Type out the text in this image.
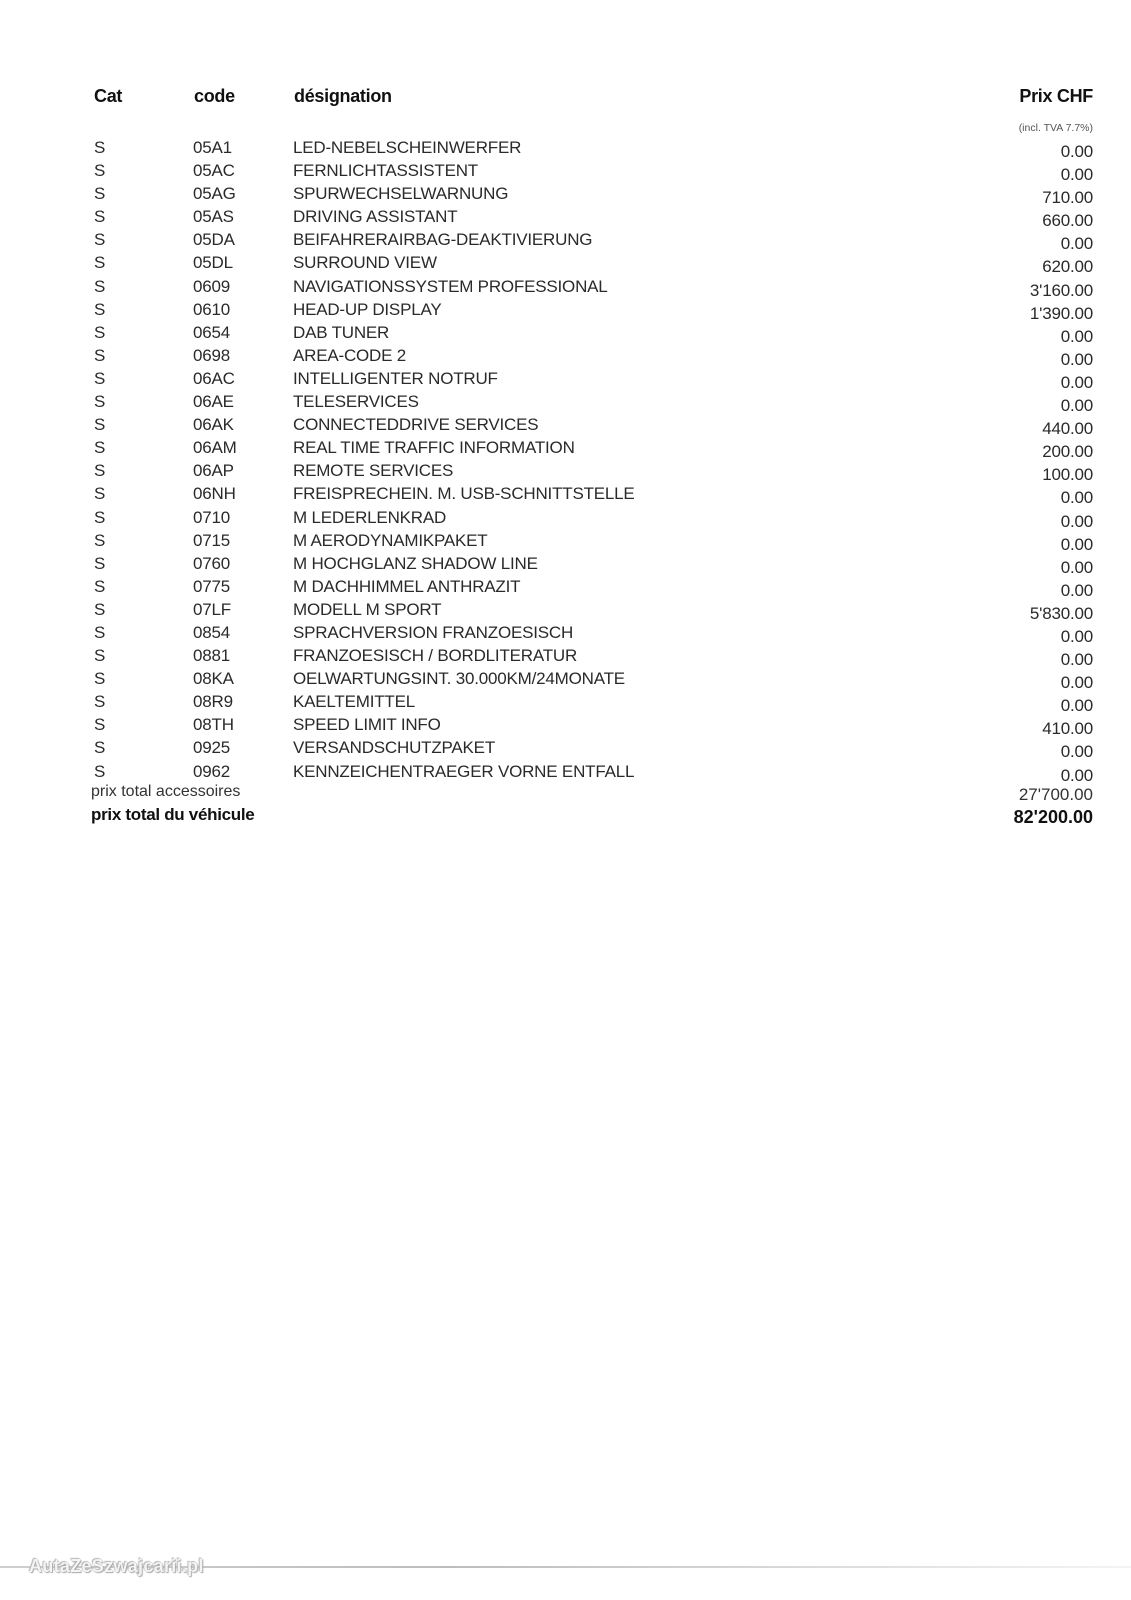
Cat	code	désignation	Prix CHF
(incl. TVA 7.7%)
S	05A1	LED-NEBELSCHEINWERFER	0.00
S	05AC	FERNLICHTASSISTENT	0.00
S	05AG	SPURWECHSELWARNUNG	710.00
S	05AS	DRIVING ASSISTANT	660.00
S	05DA	BEIFAHRERAIRBAG-DEAKTIVIERUNG	0.00
S	05DL	SURROUND VIEW	620.00
S	0609	NAVIGATIONSSYSTEM PROFESSIONAL	3'160.00
S	0610	HEAD-UP DISPLAY	1'390.00
S	0654	DAB TUNER	0.00
S	0698	AREA-CODE 2	0.00
S	06AC	INTELLIGENTER NOTRUF	0.00
S	06AE	TELESERVICES	0.00
S	06AK	CONNECTEDDRIVE SERVICES	440.00
S	06AM	REAL TIME TRAFFIC INFORMATION	200.00
S	06AP	REMOTE SERVICES	100.00
S	06NH	FREISPRECHEIN. M. USB-SCHNITTSTELLE	0.00
S	0710	M LEDERLENKRAD	0.00
S	0715	M AERODYNAMIKPAKET	0.00
S	0760	M HOCHGLANZ SHADOW LINE	0.00
S	0775	M DACHHIMMEL ANTHRAZIT	0.00
S	07LF	MODELL M SPORT	5'830.00
S	0854	SPRACHVERSION FRANZOESISCH	0.00
S	0881	FRANZOESISCH / BORDLITERATUR	0.00
S	08KA	OELWARTUNGSINT. 30.000KM/24MONATE	0.00
S	08R9	KAELTEMITTEL	0.00
S	08TH	SPEED LIMIT INFO	410.00
S	0925	VERSANDSCHUTZPAKET	0.00
S	0962	KENNZEICHENTRAEGER VORNE ENTFALL	0.00
prix total accessoires	27'700.00
prix total du véhicule	82'200.00
AutaZeSzwajcarii.pl
